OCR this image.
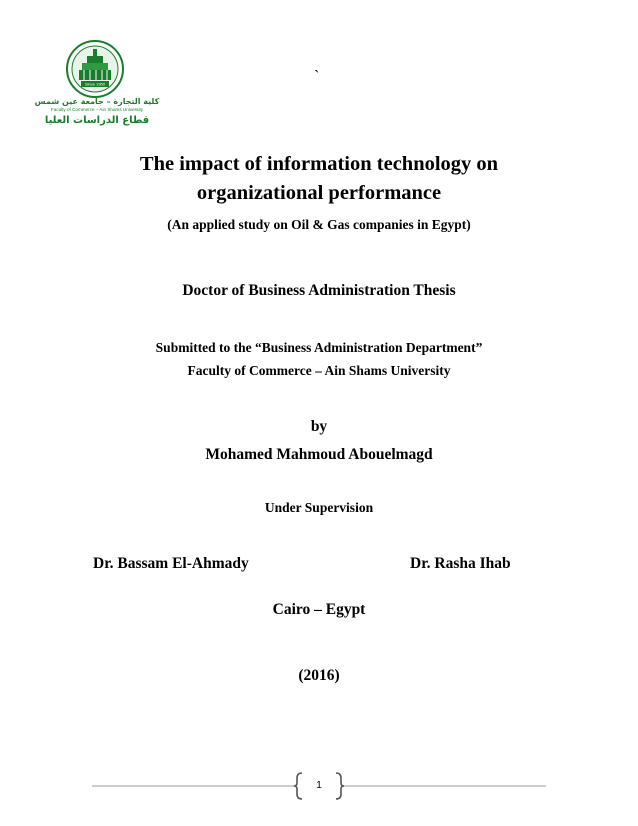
Since 1950
كلية التجارة – جامعة عين شمس
Faculty of Commerce – Ain Shams University
قطاع الدراسات العليا
`
The impact of information technology on
organizational performance
(An applied study on Oil & Gas companies in Egypt)
Doctor of Business Administration Thesis
Submitted to the “Business Administration Department”
Faculty of Commerce – Ain Shams University
by
Mohamed Mahmoud Abouelmagd
Under Supervision
Dr. Bassam El-Ahmady	Dr. Rasha Ihab
Cairo – Egypt
(2016)
1
